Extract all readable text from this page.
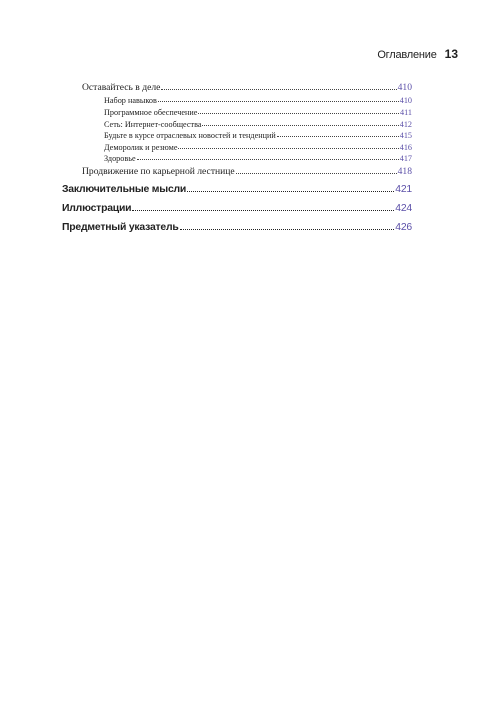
Оглавление 13
Оставайтесь в деле	410
Набор навыков	410
Программное обеспечение	411
Сеть: Интернет-сообщества	412
Будьте в курсе отраслевых новостей и тенденций	415
Деморолик и резюме	416
Здоровье	417
Продвижение по карьерной лестнице	418
Заключительные мысли	421
Иллюстрации	424
Предметный указатель	426
